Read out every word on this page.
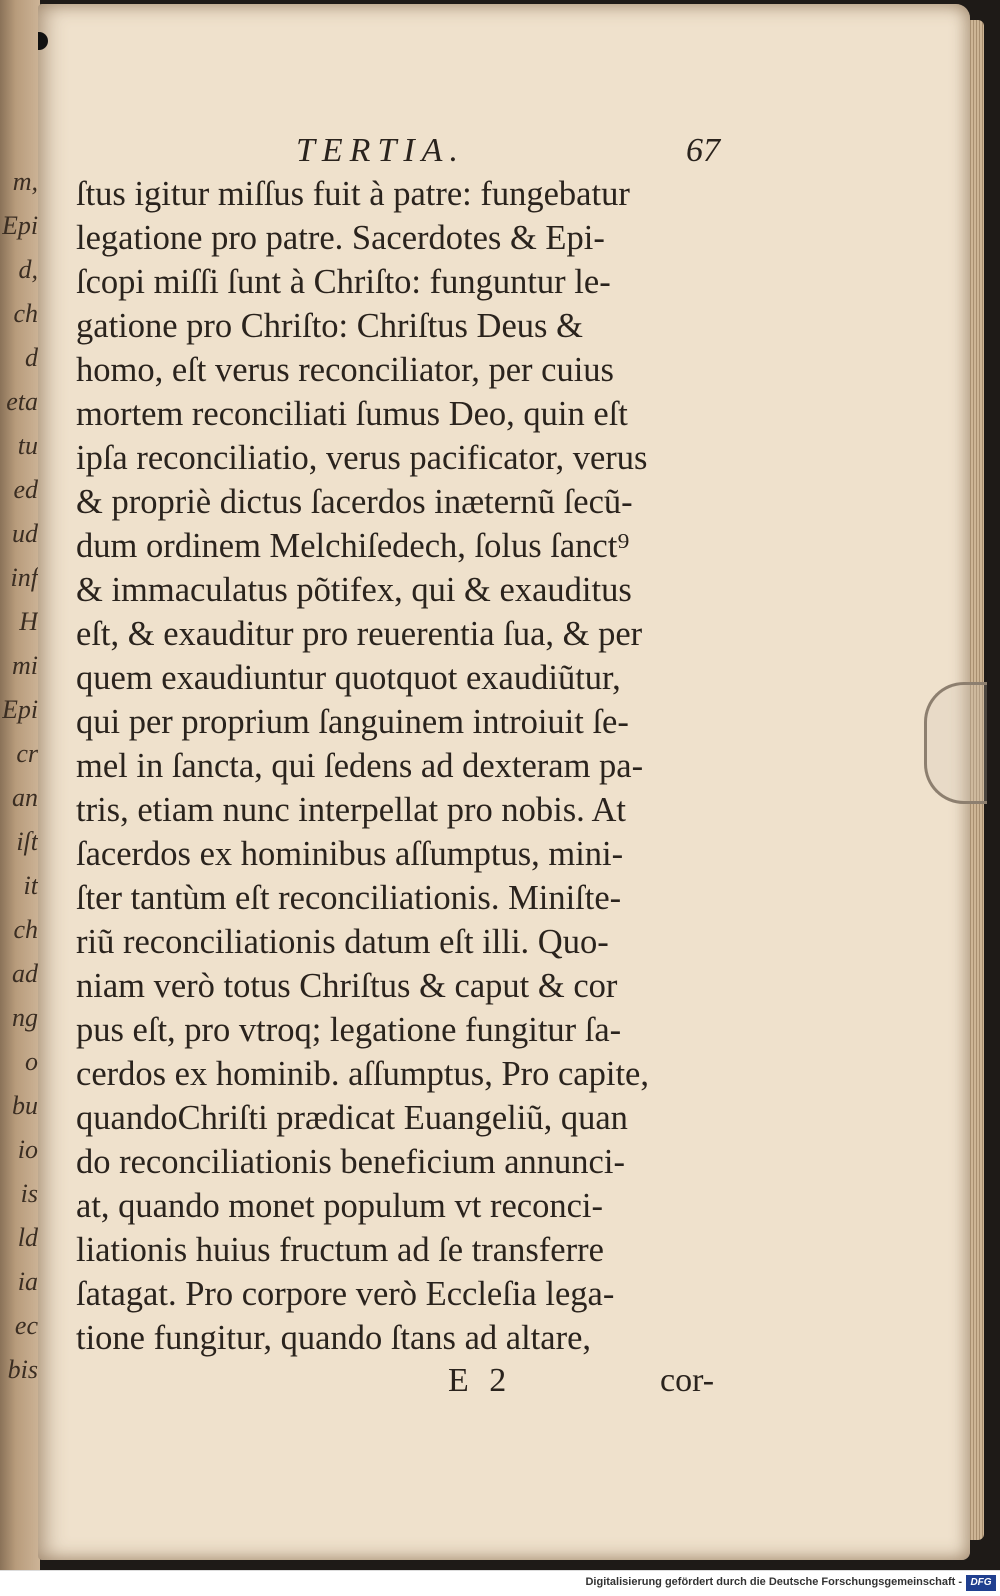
m,
Epi
d,
ch
d
eta
tu
ed
ud
inf
H
mi
Epi
cr
an
iſt
it
ch
ad
ng
o
bu
io
is
ld
ia
ec
bis
TERTIA.	67
ſtus igitur miſſus fuit à patre: fungebatur
legatione pro patre. Sacerdotes & Epi-
ſcopi miſſi ſunt à Chriſto: funguntur le-
gatione pro Chriſto: Chriſtus Deus &
homo, eſt verus reconciliator, per cuius
mortem reconciliati ſumus Deo, quin eſt
ipſa reconciliatio, verus pacificator, verus
& propriè dictus ſacerdos inæternũ ſecũ-
dum ordinem Melchiſedech, ſolus ſanct⁹
& immaculatus põtifex, qui & exauditus
eſt, & exauditur pro reuerentia ſua, & per
quem exaudiuntur quotquot exaudiũtur,
qui per proprium ſanguinem introiuit ſe-
mel in ſancta, qui ſedens ad dexteram pa-
tris, etiam nunc interpellat pro nobis. At
ſacerdos ex hominibus aſſumptus, mini-
ſter tantùm eſt reconciliationis. Miniſte-
riũ reconciliationis datum eſt illi. Quo-
niam verò totus Chriſtus & caput & cor
pus eſt, pro vtroq; legatione fungitur ſa-
cerdos ex hominib. aſſumptus, Pro capite,
quandoChriſti prædicat Euangeliũ, quan
do reconciliationis beneficium annunci-
at, quando monet populum vt reconci-
liationis huius fructum ad ſe transferre
ſatagat. Pro corpore verò Eccleſia lega-
tione fungitur, quando ſtans ad altare,
E 2	cor-
Digitalisierung gefördert durch die Deutsche Forschungsgemeinschaft - DFG
